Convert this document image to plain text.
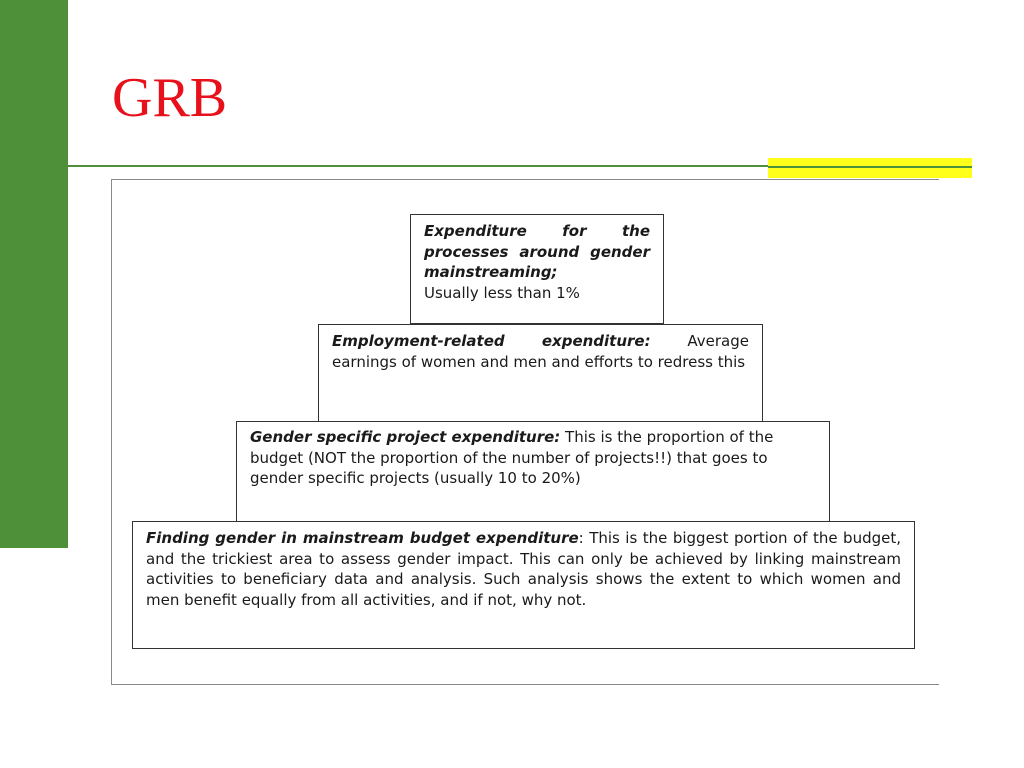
GRB
Expenditure for the processes around gender mainstreaming;
Usually less than 1%
Employment-related expenditure: Average earnings of women and men and efforts to redress this
Gender specific project expenditure: This is the proportion of the budget (NOT the proportion of the number of projects!!) that goes to gender specific projects (usually 10 to 20%)
Finding gender in mainstream budget expenditure: This is the biggest portion of the budget, and the trickiest area to assess gender impact. This can only be achieved by linking mainstream activities to beneficiary data and analysis. Such analysis shows the extent to which women and men benefit equally from all activities, and if not, why not.
